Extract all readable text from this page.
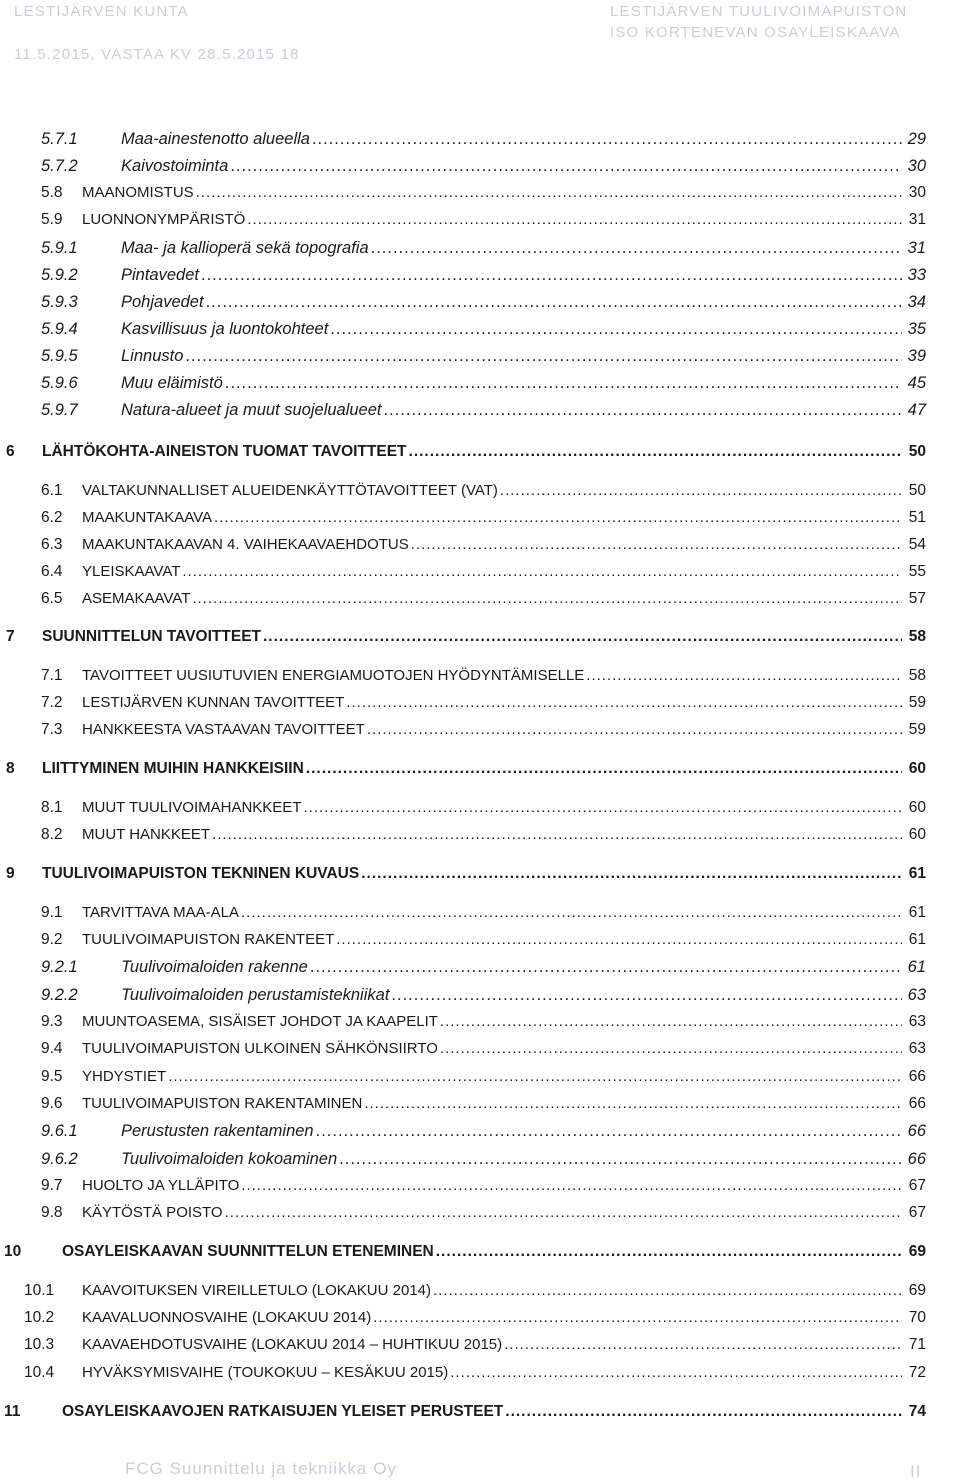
LESTIJÄRVEN KUNTA
11.5.2015, VASTAA KV 28.5.2015 18
LESTIJÄRVEN TUULIVOIMAPUISTON
ISO KORTENEVAN OSAYLEISKAAVA
5.7.1	Maa-ainestenotto alueella .....	29
5.7.2	Kaivostoiminta .....	30
5.8 MAANOMISTUS .....	30
5.9 LUONNONYMPÄRISTÖ .....	31
5.9.1	Maa- ja kallioperä sekä topografia .....	31
5.9.2	Pintavedet .....	33
5.9.3	Pohjavedet .....	34
5.9.4	Kasvillisuus ja luontokohteet .....	35
5.9.5	Linnusto .....	39
5.9.6	Muu eläimistö .....	45
5.9.7	Natura-alueet ja muut suojelualueet .....	47
6 LÄHTÖKOHTA-AINEISTON TUOMAT TAVOITTEET .....	50
6.1 VALTAKUNNALLISET ALUEIDENKÄYTTÖTAVOITTEET (VAT) .....	50
6.2 MAAKUNTAKAAVA .....	51
6.3 MAAKUNTAKAAVAN 4. VAIHEKAAVAEHDOTUS .....	54
6.4 YLEISKAAVAT .....	55
6.5 ASEMAKAAVAT .....	57
7 SUUNNITTELUN TAVOITTEET .....	58
7.1 TAVOITTEET UUSIUTUVIEN ENERGIAMUOTOJEN HYÖDYNTÄMISELLE .....	58
7.2 LESTIJÄRVEN KUNNAN TAVOITTEET .....	59
7.3 HANKKEESTA VASTAAVAN TAVOITTEET .....	59
8 LIITTYMINEN MUIHIN HANKKEISIIN .....	60
8.1 MUUT TUULIVOIMAHANKKEET .....	60
8.2 MUUT HANKKEET .....	60
9 TUULIVOIMAPUISTON TEKNINEN KUVAUS .....	61
9.1 TARVITTAVA MAA-ALA .....	61
9.2 TUULIVOIMAPUISTON RAKENTEET .....	61
9.2.1	Tuulivoimaloiden rakenne .....	61
9.2.2	Tuulivoimaloiden perustamistekniikat .....	63
9.3 MUUNTOASEMA, SISÄISET JOHDOT JA KAAPELIT .....	63
9.4 TUULIVOIMAPUISTON ULKOINEN SÄHKÖNSIIRTO .....	63
9.5 YHDYSTIET .....	66
9.6 TUULIVOIMAPUISTON RAKENTAMINEN .....	66
9.6.1	Perustusten rakentaminen .....	66
9.6.2	Tuulivoimaloiden kokoaminen .....	66
9.7 HUOLTO JA YLLÄPITO .....	67
9.8 KÄYTÖSTÄ POISTO .....	67
10	OSAYLEISKAAVAN SUUNNITTELUN ETENEMINEN .....	69
10.1 KAAVOITUKSEN VIREILLETULO (LOKAKUU 2014) .....	69
10.2 KAAVALUONNOSVAIHE (LOKAKUU 2014) .....	70
10.3 KAAVAEHDOTUSVAIHE (LOKAKUU 2014 – HUHTIKUU 2015) .....	71
10.4 HYVÄKSYMISVAIHE (TOUKOKUU – KESÄKUU 2015) .....	72
11	OSAYLEISKAAVOJEN RATKAISUJEN YLEISET PERUSTEET .....	74
FCG Suunnittelu ja tekniikka Oy	II
